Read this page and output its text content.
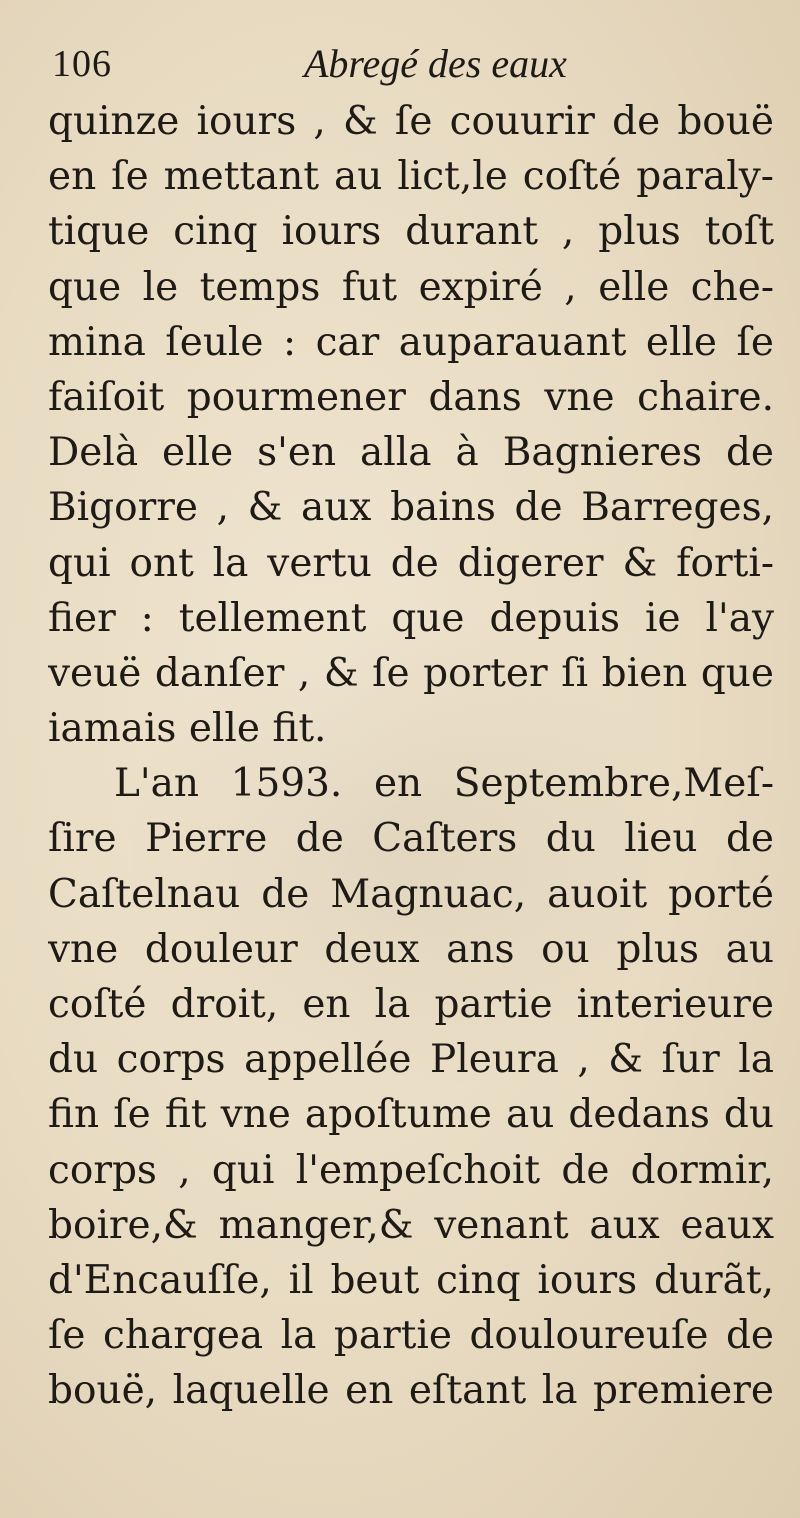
106	Abregé des eaux
quinze iours , & ſe couurir de bouë
en ſe mettant au lict,le coſté paraly-
tique cinq iours durant , plus toſt
que le temps fut expiré , elle che-
mina ſeule : car auparauant elle ſe
faiſoit pourmener dans vne chaire.
Delà elle s'en alla à Bagnieres de
Bigorre , & aux bains de Barreges,
qui ont la vertu de digerer & forti-
fier : tellement que depuis ie l'ay
veuë danſer , & ſe porter ſi bien que
iamais elle fit.
L'an 1593. en Septembre,Meſ-
ſire Pierre de Caſters du lieu de
Caſtelnau de Magnuac, auoit porté
vne douleur deux ans ou plus au
coſté droit, en la partie interieure
du corps appellée Pleura , & ſur la
fin ſe fit vne apoſtume au dedans du
corps , qui l'empeſchoit de dormir,
boire,& manger,& venant aux eaux
d'Encauſſe, il beut cinq iours durãt,
ſe chargea la partie douloureuſe de
bouë, laquelle en eſtant la premiere
